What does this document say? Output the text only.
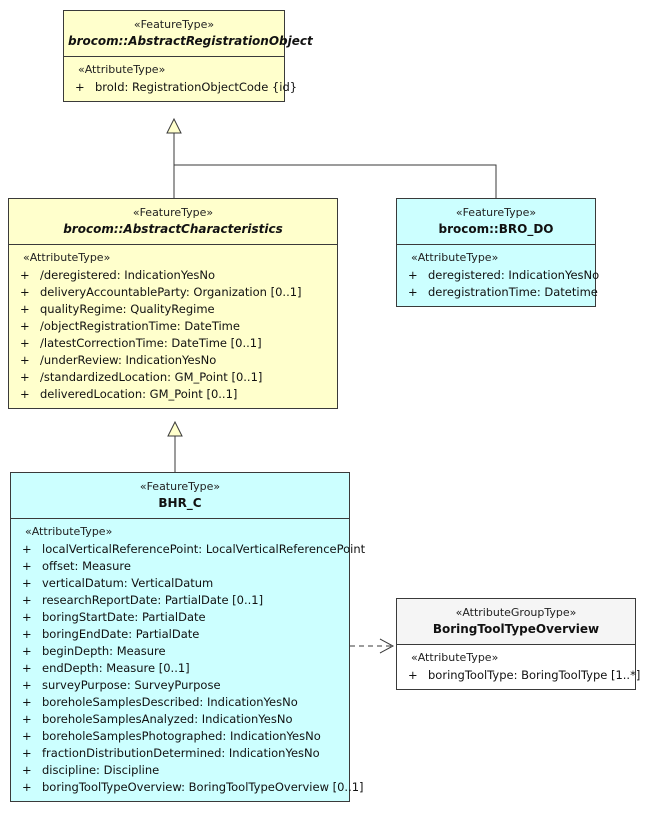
«FeatureType»
brocom::AbstractRegistrationObject
«AttributeType»
+ broId: RegistrationObjectCode {id}
«FeatureType»
brocom::AbstractCharacteristics
«AttributeType»
+ /deregistered: IndicationYesNo
+ deliveryAccountableParty: Organization [0..1]
+ qualityRegime: QualityRegime
+ /objectRegistrationTime: DateTime
+ /latestCorrectionTime: DateTime [0..1]
+ /underReview: IndicationYesNo
+ /standardizedLocation: GM_Point [0..1]
+ deliveredLocation: GM_Point [0..1]
«FeatureType»
brocom::BRO_DO
«AttributeType»
+ deregistered: IndicationYesNo
+ deregistrationTime: Datetime
«FeatureType»
BHR_C
«AttributeType»
+ localVerticalReferencePoint: LocalVerticalReferencePoint
+ offset: Measure
+ verticalDatum: VerticalDatum
+ researchReportDate: PartialDate [0..1]
+ boringStartDate: PartialDate
+ boringEndDate: PartialDate
+ beginDepth: Measure
+ endDepth: Measure [0..1]
+ surveyPurpose: SurveyPurpose
+ boreholeSamplesDescribed: IndicationYesNo
+ boreholeSamplesAnalyzed: IndicationYesNo
+ boreholeSamplesPhotographed: IndicationYesNo
+ fractionDistributionDetermined: IndicationYesNo
+ discipline: Discipline
+ boringToolTypeOverview: BoringToolTypeOverview [0..1]
«AttributeGroupType»
BoringToolTypeOverview
«AttributeType»
+ boringToolType: BoringToolType [1..*]
